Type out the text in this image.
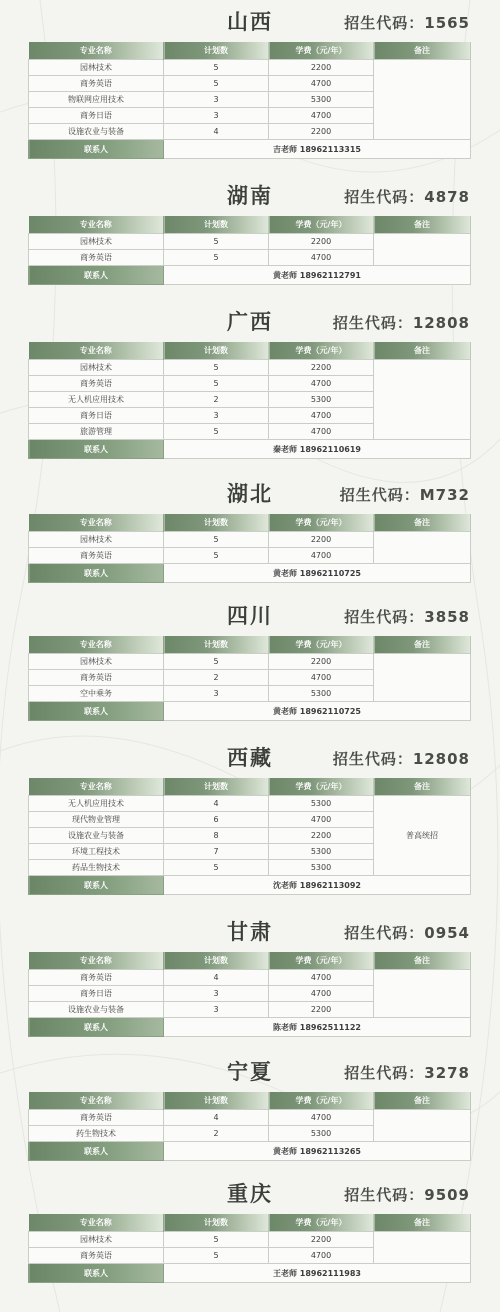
山西	招生代码：1565
专业名称	计划数	学费（元/年）	备注
园林技术	5	2200	
商务英语	5	4700	
物联网应用技术	3	5300	
商务日语	3	4700	
设施农业与装备	4	2200	
联系人	吉老师 18962113315		
湖南	招生代码：4878
专业名称	计划数	学费（元/年）	备注
园林技术	5	2200	
商务英语	5	4700	
联系人	黄老师 18962112791		
广西	招生代码：12808
专业名称	计划数	学费（元/年）	备注
园林技术	5	2200	
商务英语	5	4700	
无人机应用技术	2	5300	
商务日语	3	4700	
旅游管理	5	4700	
联系人	秦老师 18962110619		
湖北	招生代码：M732
专业名称	计划数	学费（元/年）	备注
园林技术	5	2200	
商务英语	5	4700	
联系人	黄老师 18962110725		
四川	招生代码：3858
专业名称	计划数	学费（元/年）	备注
园林技术	5	2200	
商务英语	2	4700	
空中乘务	3	5300	
联系人	黄老师 18962110725		
西藏	招生代码：12808
专业名称	计划数	学费（元/年）	备注
无人机应用技术	4	5300	普高统招
现代物业管理	6	4700	
设施农业与装备	8	2200	
环境工程技术	7	5300	
药品生物技术	5	5300	
联系人	沈老师 18962113092		
甘肃	招生代码：0954
专业名称	计划数	学费（元/年）	备注
商务英语	4	4700	
商务日语	3	4700	
设施农业与装备	3	2200	
联系人	陈老师 18962511122		
宁夏	招生代码：3278
专业名称	计划数	学费（元/年）	备注
商务英语	4	4700	
药生物技术	2	5300	
联系人	黄老师 18962113265		
重庆	招生代码：9509
专业名称	计划数	学费（元/年）	备注
园林技术	5	2200	
商务英语	5	4700	
联系人	王老师 18962111983		
